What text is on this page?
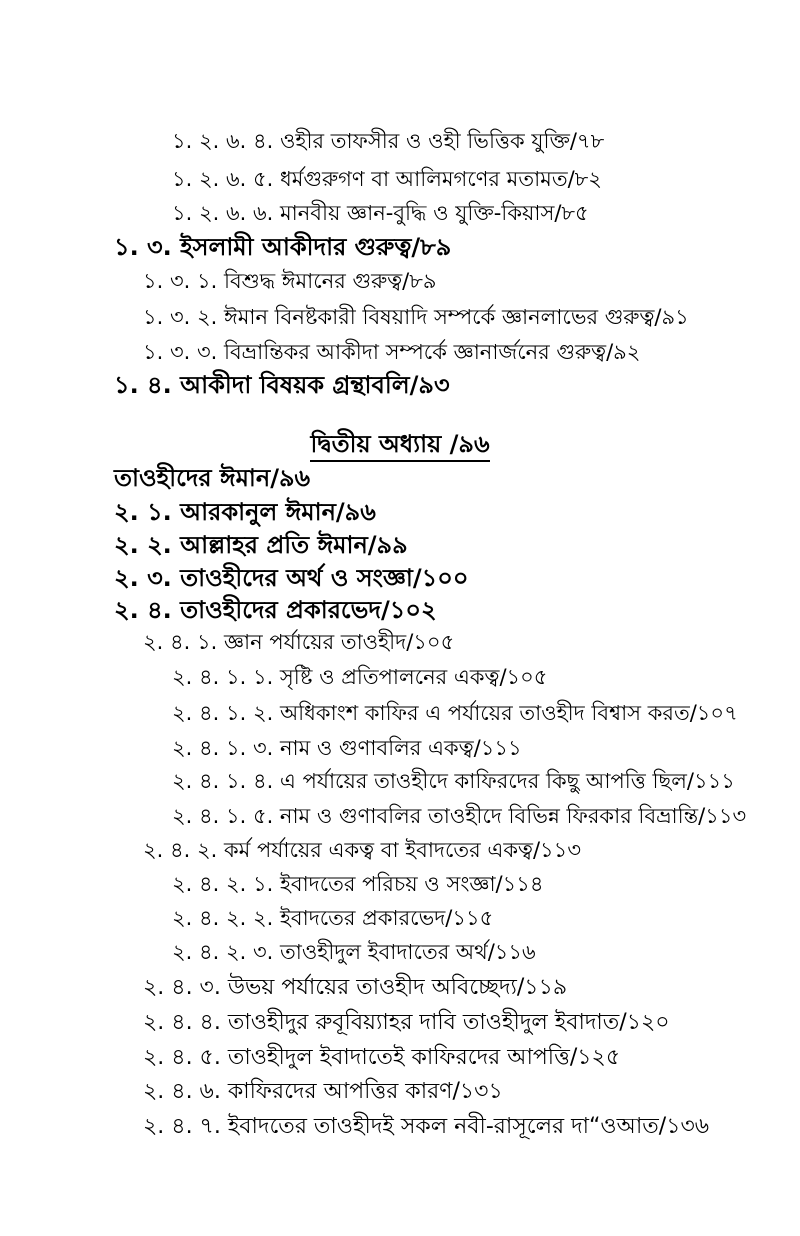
১. ২. ৬. ৪. ওহীর তাফসীর ও ওহী ভিত্তিক যুক্তি/৭৮
১. ২. ৬. ৫. ধর্মগুরুগণ বা আলিমগণের মতামত/৮২
১. ২. ৬. ৬. মানবীয় জ্ঞান-বুদ্ধি ও যুক্তি-কিয়াস/৮৫
১. ৩. ইসলামী আকীদার গুরুত্ব/৮৯
১. ৩. ১. বিশুদ্ধ ঈমানের গুরুত্ব/৮৯
১. ৩. ২. ঈমান বিনষ্টকারী বিষয়াদি সম্পর্কে জ্ঞানলাভের গুরুত্ব/৯১
১. ৩. ৩. বিভ্রান্তিকর আকীদা সম্পর্কে জ্ঞানার্জনের গুরুত্ব/৯২
১. ৪. আকীদা বিষয়ক গ্রন্থাবলি/৯৩
দ্বিতীয় অধ্যায় /৯৬
তাওহীদের ঈমান/৯৬
২. ১. আরকানুল ঈমান/৯৬
২. ২. আল্লাহর প্রতি ঈমান/৯৯
২. ৩. তাওহীদের অর্থ ও সংজ্ঞা/১০০
২. ৪. তাওহীদের প্রকারভেদ/১০২
২. ৪. ১. জ্ঞান পর্যায়ের তাওহীদ/১০৫
২. ৪. ১. ১. সৃষ্টি ও প্রতিপালনের একত্ব/১০৫
২. ৪. ১. ২. অধিকাংশ কাফির এ পর্যায়ের তাওহীদ বিশ্বাস করত/১০৭
২. ৪. ১. ৩. নাম ও গুণাবলির একত্ব/১১১
২. ৪. ১. ৪. এ পর্যায়ের তাওহীদে কাফিরদের কিছু আপত্তি ছিল/১১১
২. ৪. ১. ৫. নাম ও গুণাবলির তাওহীদে বিভিন্ন ফিরকার বিভ্রান্তি/১১৩
২. ৪. ২. কর্ম পর্যায়ের একত্ব বা ইবাদতের একত্ব/১১৩
২. ৪. ২. ১. ইবাদতের পরিচয় ও সংজ্ঞা/১১৪
২. ৪. ২. ২. ইবাদতের প্রকারভেদ/১১৫
২. ৪. ২. ৩. তাওহীদুল ইবাদাতের অর্থ/১১৬
২. ৪. ৩. উভয় পর্যায়ের তাওহীদ অবিচ্ছেদ্য/১১৯
২. ৪. ৪. তাওহীদুর রুবূবিয়্যাহর দাবি তাওহীদুল ইবাদাত/১২০
২. ৪. ৫. তাওহীদুল ইবাদাতেই কাফিরদের আপত্তি/১২৫
২. ৪. ৬. কাফিরদের আপত্তির কারণ/১৩১
২. ৪. ৭. ইবাদতের তাওহীদই সকল নবী-রাসূলের দা“ওআত/১৩৬
